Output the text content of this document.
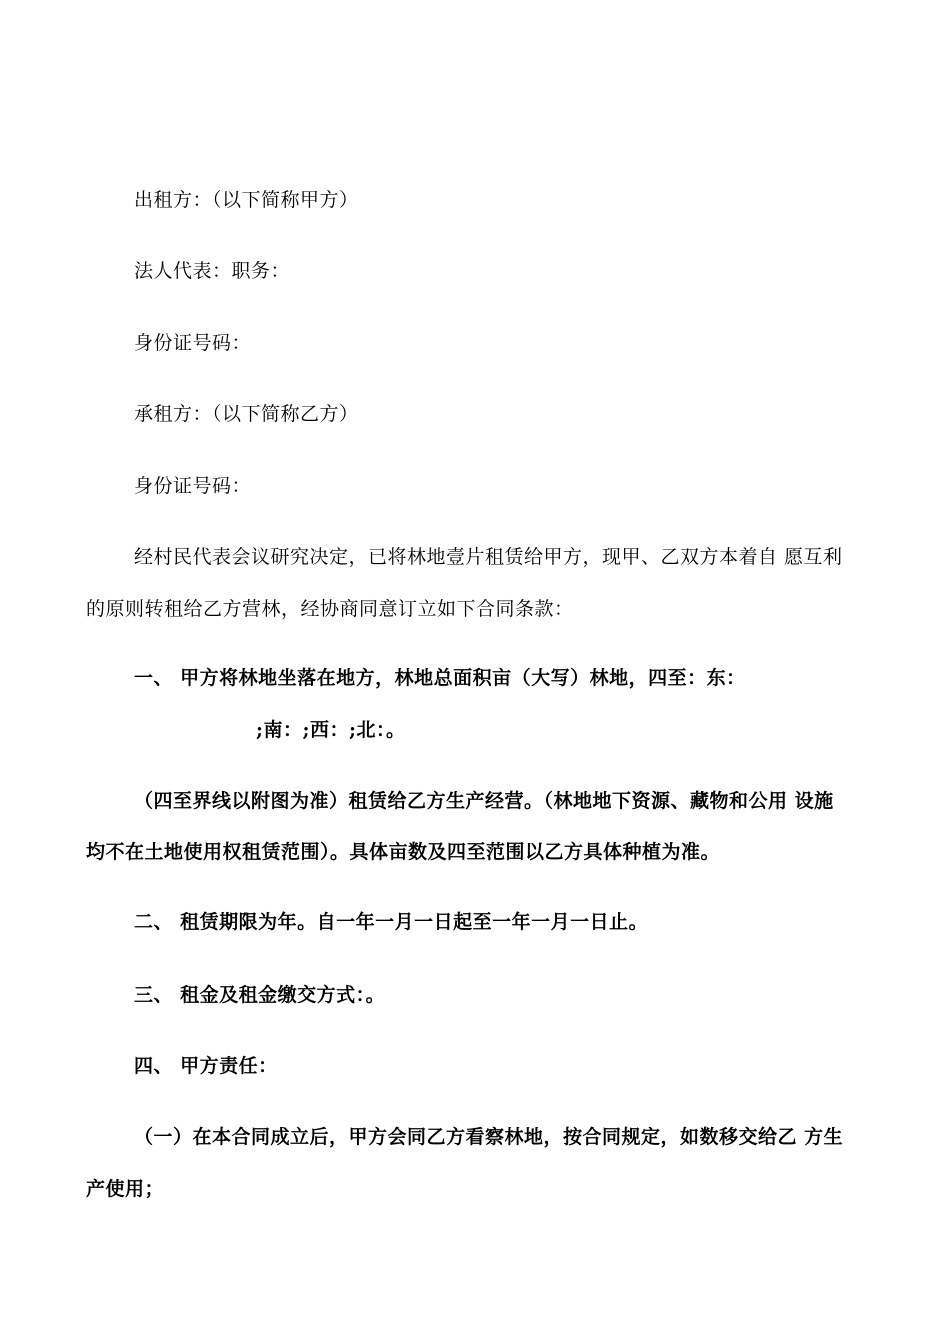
出租方：（以下简称甲方）
法人代表：职务：
身份证号码：
承租方：（以下简称乙方）
身份证号码：
经村民代表会议研究决定，已将林地壹片租赁给甲方，现甲、乙双方本着自 愿互利
的原则转租给乙方营林，经协商同意订立如下合同条款：
一、 甲方将林地坐落在地方，林地总面积亩（大写）林地，四至：东：
;南：;西：;北：。
（四至界线以附图为准）租赁给乙方生产经营。（林地地下资源、藏物和公用 设施
均不在土地使用权租赁范围）。具体亩数及四至范围以乙方具体种植为准。
二、 租赁期限为年。自一年一月一日起至一年一月一日止。
三、 租金及租金缴交方式：。
四、 甲方责任：
（一）在本合同成立后，甲方会同乙方看察林地，按合同规定，如数移交给乙 方生
产使用；
